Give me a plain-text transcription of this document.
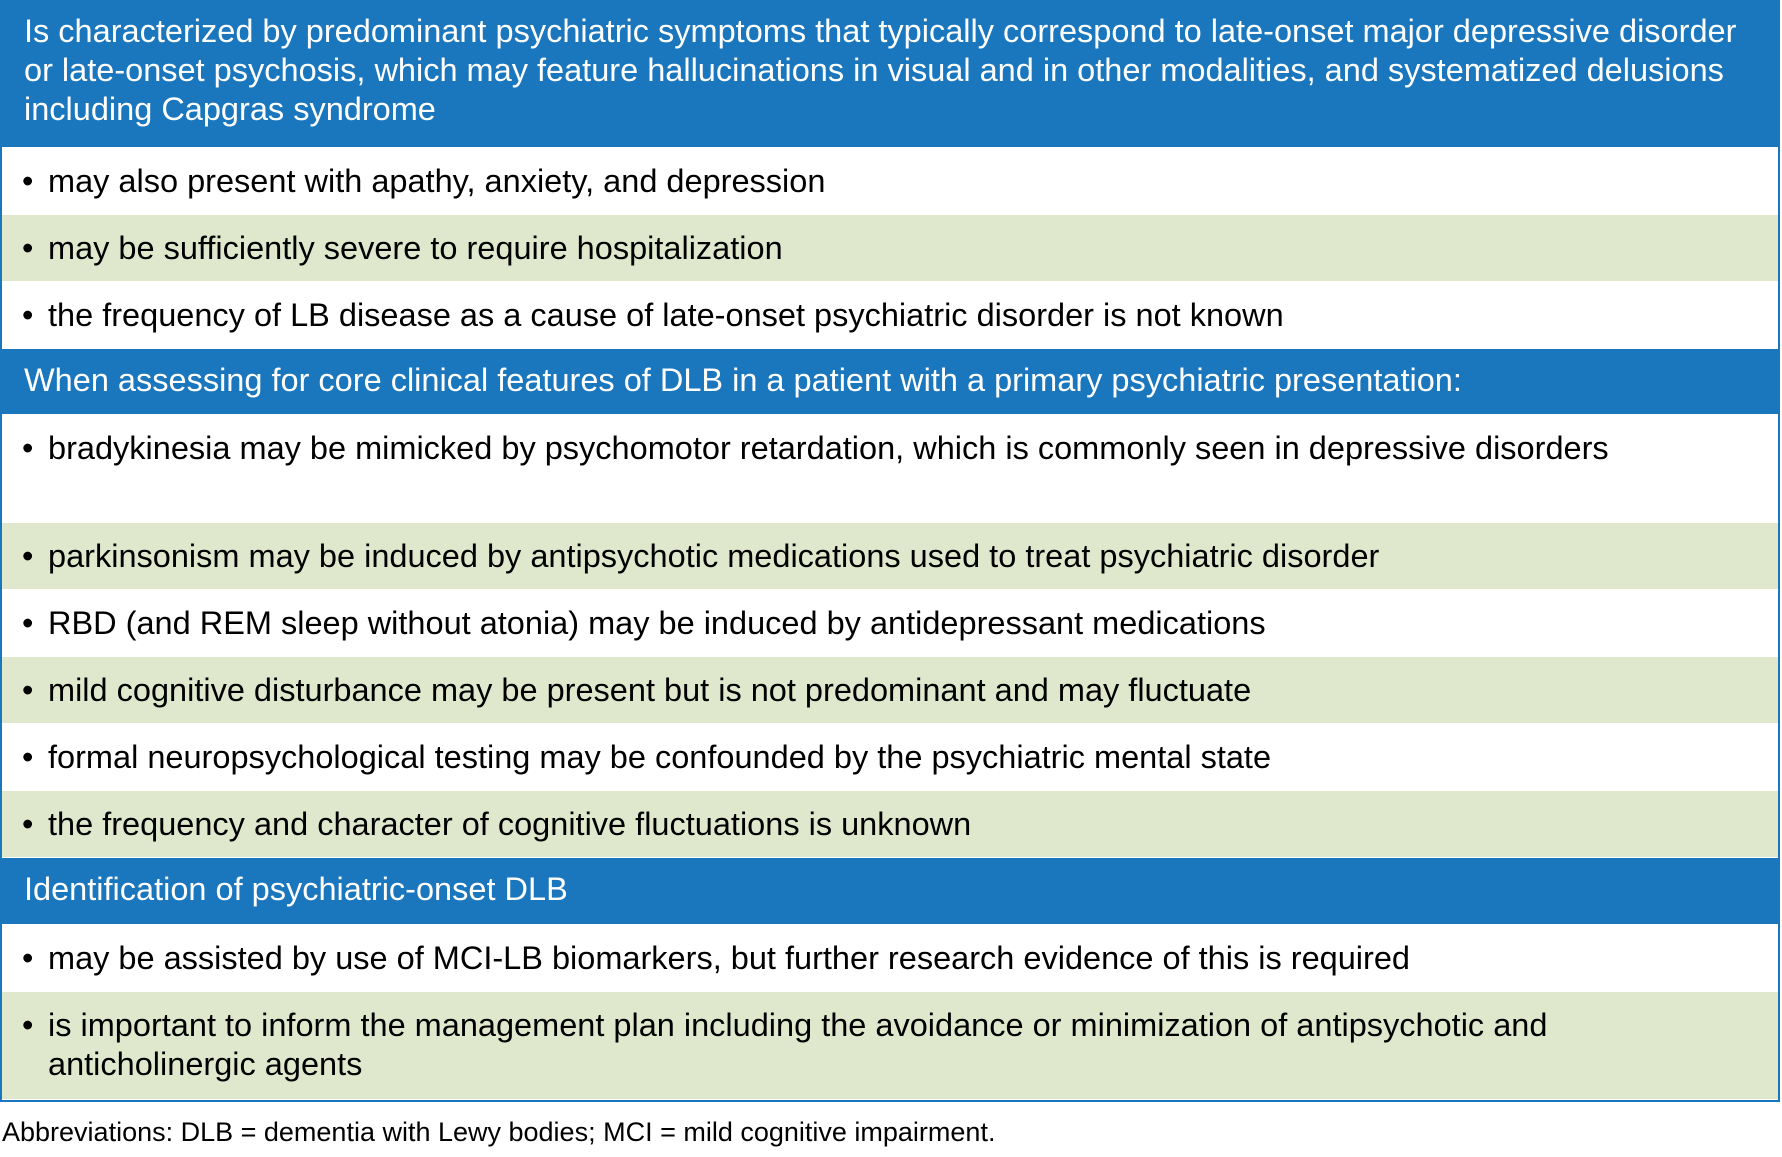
Is characterized by predominant psychiatric symptoms that typically correspond to late-onset major depressive disorder or late-onset psychosis, which may feature hallucinations in visual and in other modalities, and systematized delusions including Capgras syndrome
• may also present with apathy, anxiety, and depression
• may be sufficiently severe to require hospitalization
• the frequency of LB disease as a cause of late-onset psychiatric disorder is not known
When assessing for core clinical features of DLB in a patient with a primary psychiatric presentation:
• bradykinesia may be mimicked by psychomotor retardation, which is commonly seen in depressive disorders
• parkinsonism may be induced by antipsychotic medications used to treat psychiatric disorder
• RBD (and REM sleep without atonia) may be induced by antidepressant medications
• mild cognitive disturbance may be present but is not predominant and may fluctuate
• formal neuropsychological testing may be confounded by the psychiatric mental state
• the frequency and character of cognitive fluctuations is unknown
Identification of psychiatric-onset DLB
• may be assisted by use of MCI-LB biomarkers, but further research evidence of this is required
• is important to inform the management plan including the avoidance or minimization of antipsychotic and anticholinergic agents
Abbreviations: DLB = dementia with Lewy bodies; MCI = mild cognitive impairment.
